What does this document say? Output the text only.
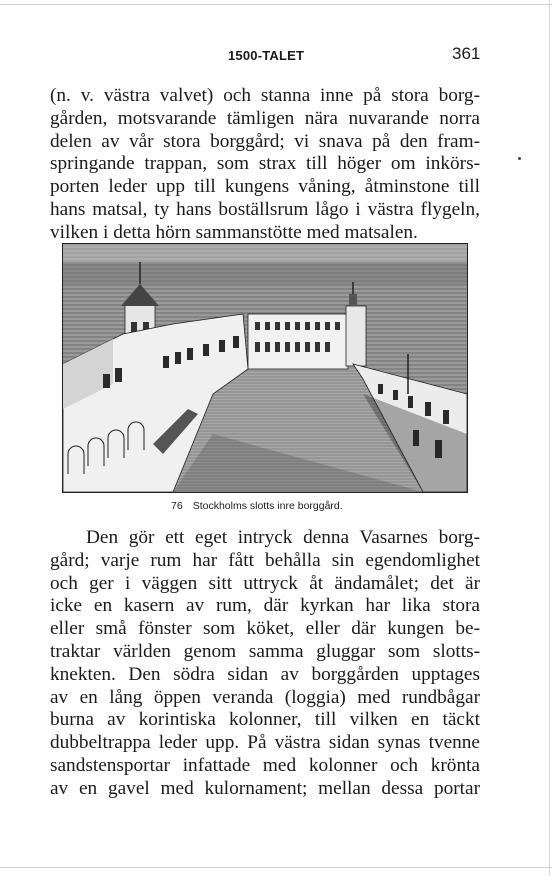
1500-TALET	361
(n. v. västra valvet) och stanna inne på stora borg-
gården, motsvarande tämligen nära nuvarande norra
delen av vår stora borggård; vi snava på den fram-
springande trappan, som strax till höger om inkörs-
porten leder upp till kungens våning, åtminstone till
hans matsal, ty hans boställsrum lågo i västra flygeln,
vilken i detta hörn sammanstötte med matsalen.
76 Stockholms slotts inre borggård.
Den gör ett eget intryck denna Vasarnes borg-
gård; varje rum har fått behålla sin egendomlighet
och ger i väggen sitt uttryck åt ändamålet; det är
icke en kasern av rum, där kyrkan har lika stora
eller små fönster som köket, eller där kungen be-
traktar världen genom samma gluggar som slotts-
knekten. Den södra sidan av borggården upptages
av en lång öppen veranda (loggia) med rundbågar
burna av korintiska kolonner, till vilken en täckt
dubbeltrappa leder upp. På västra sidan synas tvenne
sandstensportar infattade med kolonner och krönta
av en gavel med kulornament; mellan dessa portar
